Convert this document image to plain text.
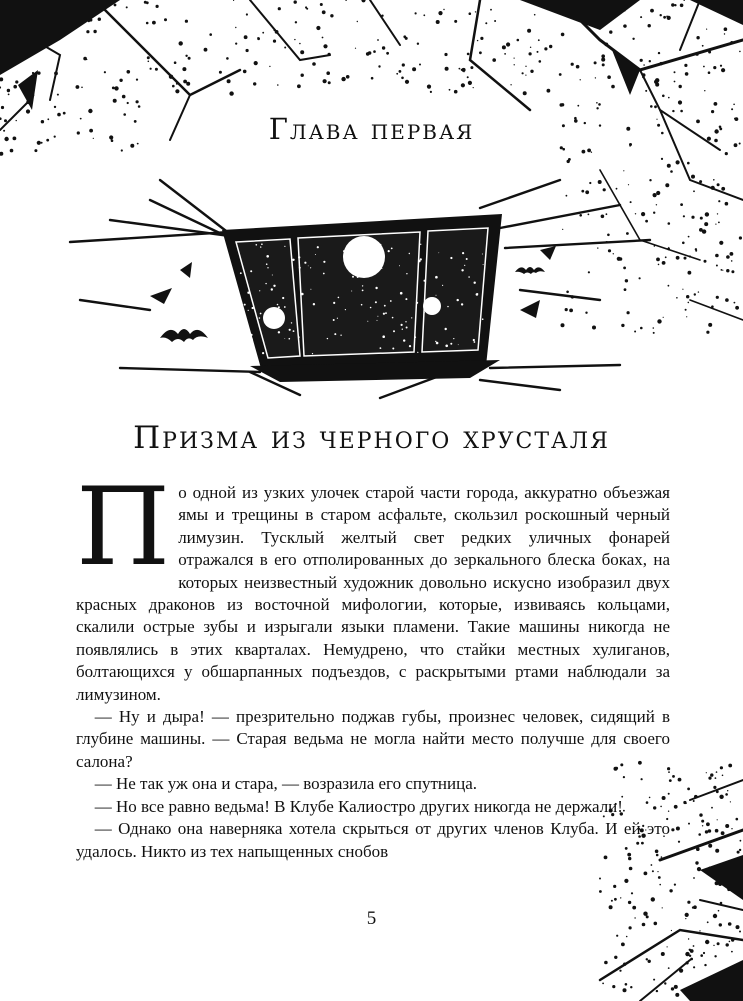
Глава первая
Призма из черного хрусталя

По одной из узких улочек старой части города, аккуратно объезжая ямы и трещины в старом асфальте, скользил роскошный черный лимузин. Тусклый желтый свет редких уличных фонарей отражался в его отполированных до зеркального блеска боках, на которых неизвестный художник довольно искусно изобразил двух красных драконов из восточной мифологии, которые, извиваясь кольцами, скалили острые зубы и изрыгали языки пламени. Такие машины никогда не появлялись в этих кварталах. Немудрено, что стайки местных хулиганов, болтающихся у обшарпанных подъездов, с раскрытыми ртами наблюдали за лимузином.

— Ну и дыра! — презрительно поджав губы, произнес человек, сидящий в глубине машины. — Старая ведьма не могла найти место получше для своего салона?

— Не так уж она и стара, — возразила его спутница.

— Но все равно ведьма! В Клубе Калиостро других никогда не держали!

— Однако она наверняка хотела скрыться от других членов Клуба. И ей это удалось. Никто из тех напыщенных снобов

5
